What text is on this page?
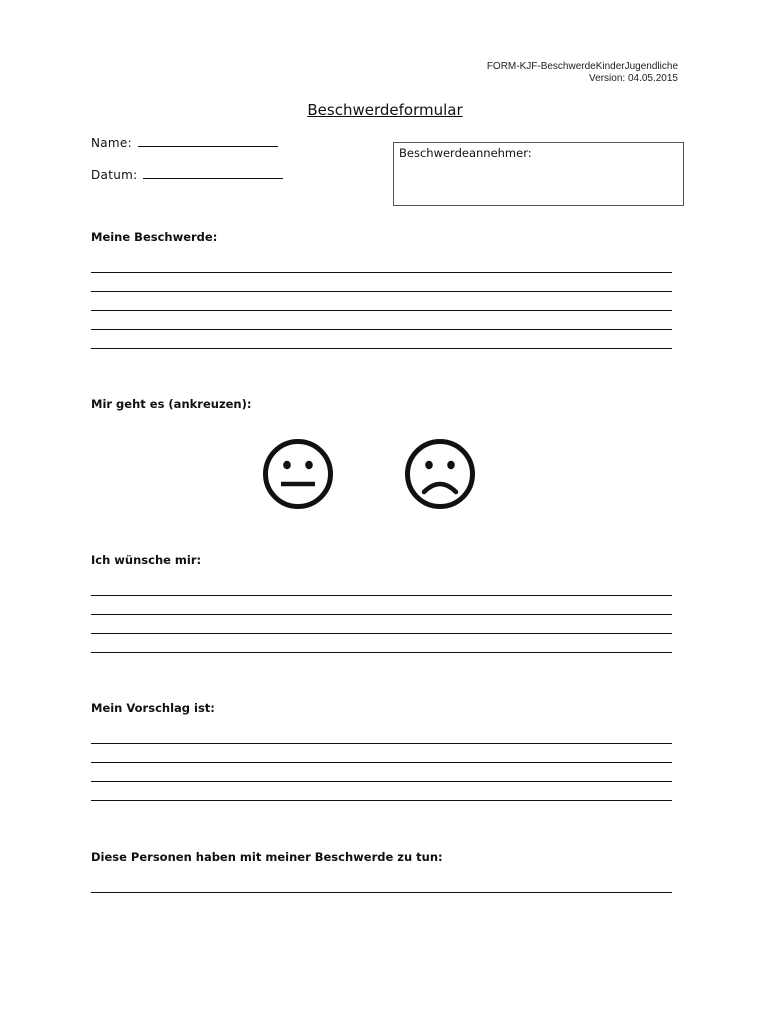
FORM-KJF-BeschwerdeKinderJugendliche
Version: 04.05.2015
Beschwerdeformular
Name:
Datum:
Beschwerdeannehmer:
Meine Beschwerde:
Mir geht es (ankreuzen):
Ich wünsche mir:
Mein Vorschlag ist:
Diese Personen haben mit meiner Beschwerde zu tun:
